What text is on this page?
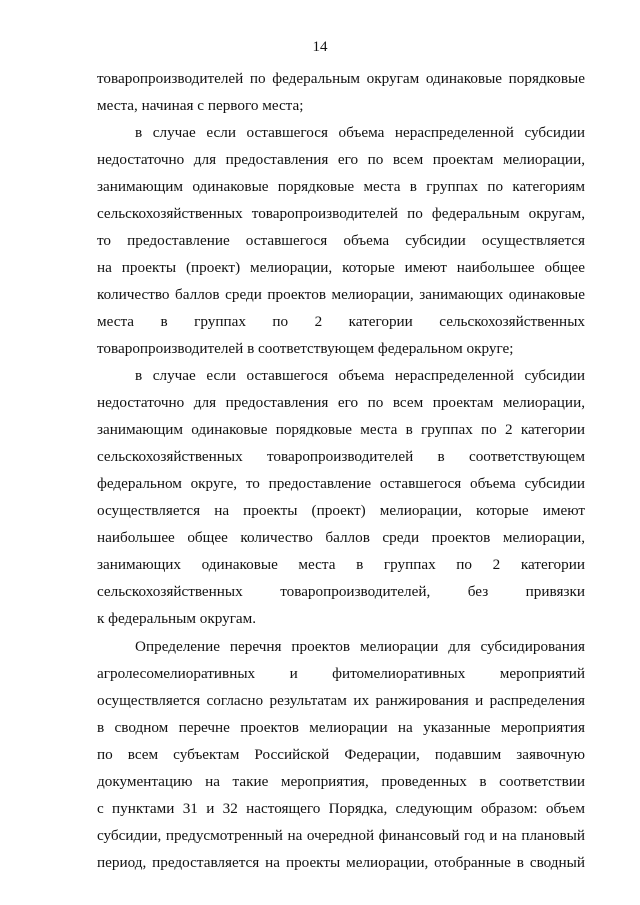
14
товаропроизводителей по федеральным округам одинаковые порядковые
места, начиная с первого места;
в случае если оставшегося объема нераспределенной субсидии
недостаточно для предоставления его по всем проектам мелиорации,
занимающим одинаковые порядковые места в группах по категориям
сельскохозяйственных товаропроизводителей по федеральным округам,
то предоставление оставшегося объема субсидии осуществляется
на проекты (проект) мелиорации, которые имеют наибольшее общее
количество баллов среди проектов мелиорации, занимающих одинаковые
места в группах по 2 категории сельскохозяйственных
товаропроизводителей в соответствующем федеральном округе;
в случае если оставшегося объема нераспределенной субсидии
недостаточно для предоставления его по всем проектам мелиорации,
занимающим одинаковые порядковые места в группах по 2 категории
сельскохозяйственных товаропроизводителей в соответствующем
федеральном округе, то предоставление оставшегося объема субсидии
осуществляется на проекты (проект) мелиорации, которые имеют
наибольшее общее количество баллов среди проектов мелиорации,
занимающих одинаковые места в группах по 2 категории
сельскохозяйственных товаропроизводителей, без привязки
к федеральным округам.
Определение перечня проектов мелиорации для субсидирования
агролесомелиоративных и фитомелиоративных мероприятий
осуществляется согласно результатам их ранжирования и распределения
в сводном перечне проектов мелиорации на указанные мероприятия
по всем субъектам Российской Федерации, подавшим заявочную
документацию на такие мероприятия, проведенных в соответствии
с пунктами 31 и 32 настоящего Порядка, следующим образом: объем
субсидии, предусмотренный на очередной финансовый год и на плановый
период, предоставляется на проекты мелиорации, отобранные в сводный
